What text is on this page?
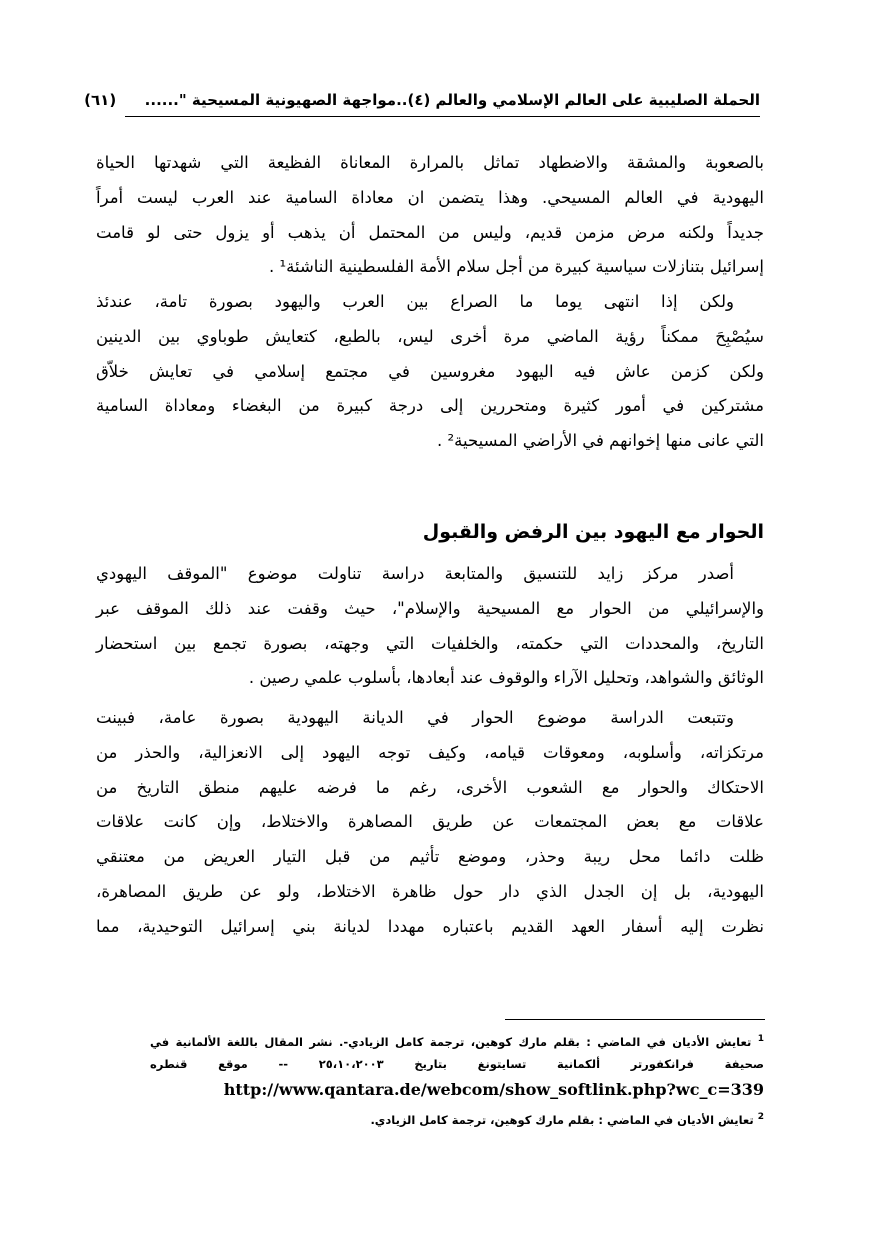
الحملة الصليبية على العالم الإسلامي والعالم (٤)..مواجهة الصهيونية المسيحية "......  (٦١)
بالصعوبة والمشقة والاضطهاد تماثل بالمرارة المعاناة الفظيعة التي شهدتها الحياة
اليهودية في العالم المسيحي. وهذا يتضمن ان معاداة السامية عند العرب ليست أمراً
جديداً ولكنه مرض مزمن قديم، وليس من المحتمل أن يذهب أو يزول حتى لو قامت
إسرائيل بتنازلات سياسية كبيرة من أجل سلام الأمة الفلسطينية الناشئة¹ .
ولكن إذا انتهى يوما ما الصراع بين العرب واليهود بصورة تامة، عندئذ
سيُصْبِحَ ممكناً رؤية الماضي مرة أخرى ليس، بالطبع، كتعايش طوباوي بين الدينين
ولكن كزمن عاش فيه اليهود مغروسين في مجتمع إسلامي في تعايش خلاّق
مشتركين في أمور كثيرة ومتحررين إلى درجة كبيرة من البغضاء ومعاداة السامية
التي عانى منها إخوانهم في الأراضي المسيحية² .
الحوار مع اليهود بين الرفض والقبول
أصدر مركز زايد للتنسيق والمتابعة دراسة تناولت موضوع "الموقف اليهودي
والإسرائيلي من الحوار مع المسيحية والإسلام"، حيث وقفت عند ذلك الموقف عبر
التاريخ، والمحددات التي حكمته، والخلفيات التي وجهته، بصورة تجمع بين استحضار
الوثائق والشواهد، وتحليل الآراء والوقوف عند أبعادها، بأسلوب علمي رصين .
وتتبعت الدراسة موضوع الحوار في الديانة اليهودية بصورة عامة، فبينت
مرتكزاته، وأسلوبه، ومعوقات قيامه، وكيف توجه اليهود إلى الانعزالية، والحذر من
الاحتكاك والحوار مع الشعوب الأخرى، رغم ما فرضه عليهم منطق التاريخ من
علاقات مع بعض المجتمعات عن طريق المصاهرة والاختلاط، وإن كانت علاقات
ظلت دائما محل ريبة وحذر، وموضع تأثيم من قبل التيار العريض من معتنقي
اليهودية، بل إن الجدل الذي دار حول ظاهرة الاختلاط، ولو عن طريق المصاهرة،
نظرت إليه أسفار العهد القديم باعتباره مهددا لديانة بني إسرائيل التوحيدية، مما
$^1$ تعايش الأديان في الماضي : بقلم مارك كوهين، ترجمة كامل الزيادي-. نشر المقال باللغة الألمانية في
صحيفة فرانكفورتر ألكمانية تسايتونغ بتاريخ ٢٥،١٠،٢٠٠٣ -- موقع قنطره
http://www.qantara.de/webcom/show_softlink.php?wc_c=339
$^2$ تعايش الأديان في الماضي : بقلم مارك كوهين، ترجمة كامل الزيادي.
